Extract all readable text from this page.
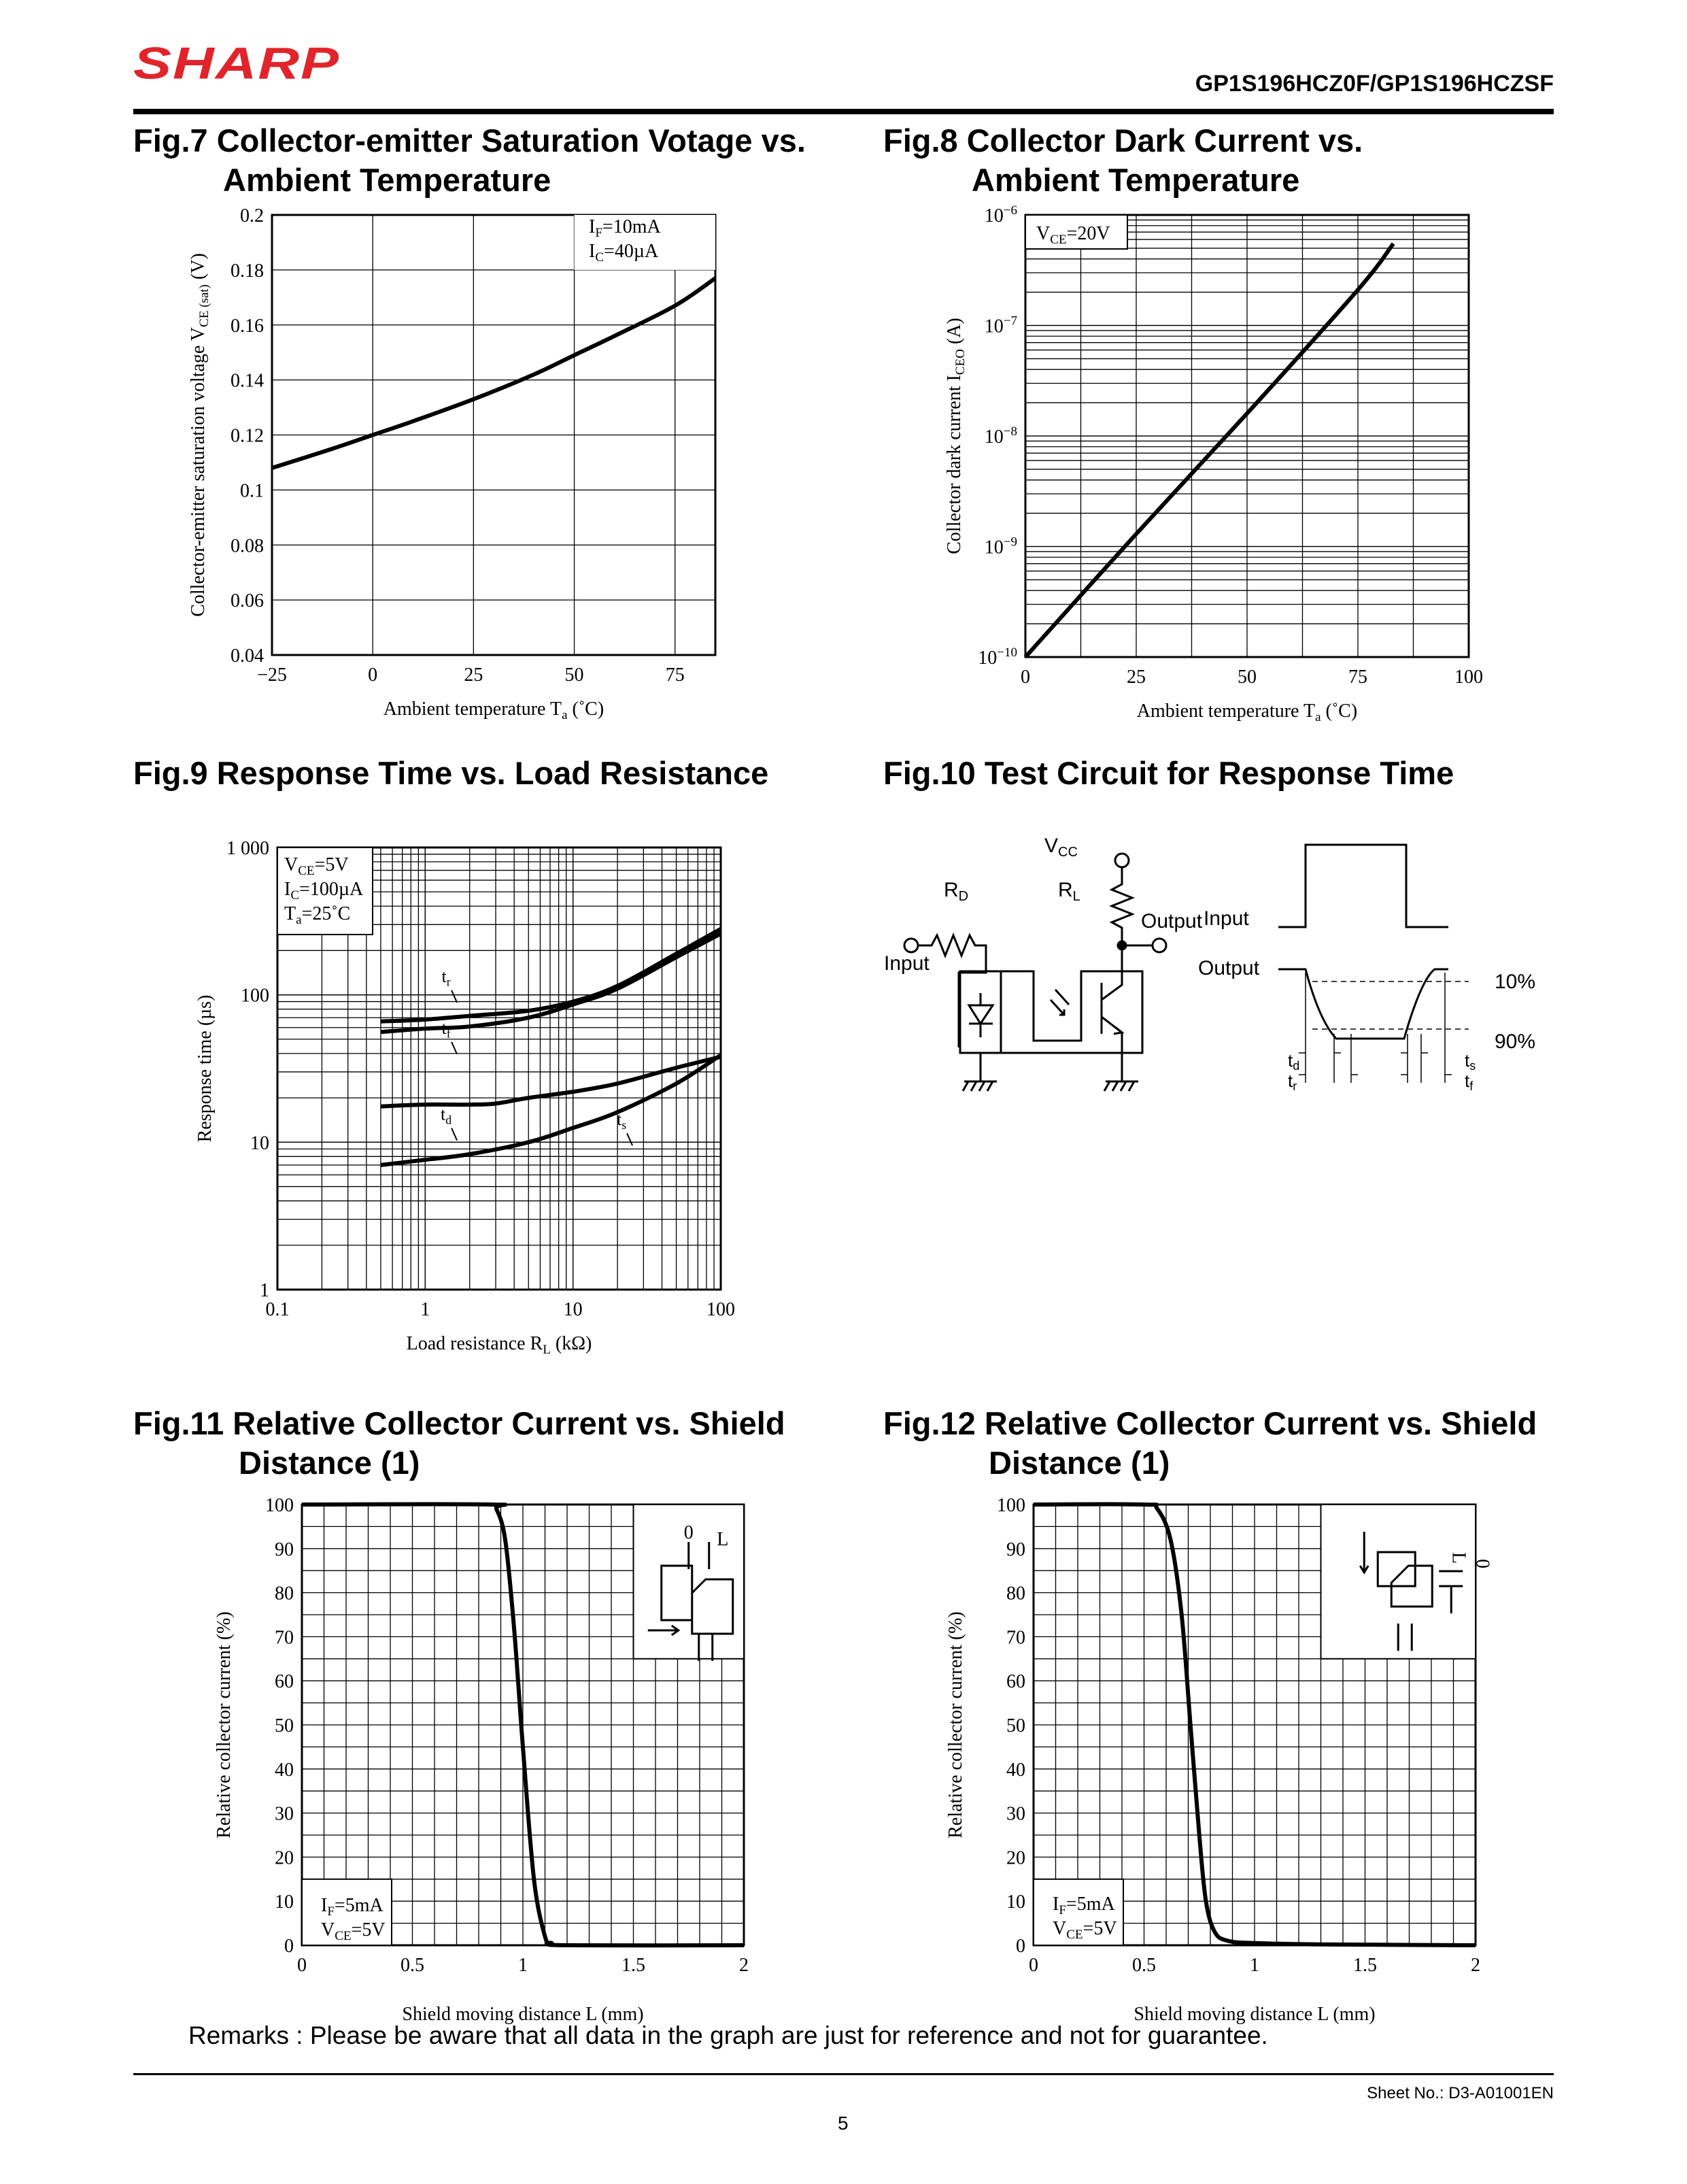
SHARP	GP1S196HCZ0F/GP1S196HCZSF
Fig.7 Collector-emitter Saturation Votage vs.
Ambient Temperature
Fig.8 Collector Dark Current vs.
Ambient Temperature
Fig.9 Response Time vs. Load Resistance	Fig.10 Test Circuit for Response Time
Fig.11 Relative Collector Current vs. Shield
Distance (1)
Fig.12 Relative Collector Current vs. Shield
Distance (1)
−25	0	25	50	75
0.04
0.06
0.08
0.1
0.12
0.14
0.16
0.18
0.2
Ambient temperature $T_a$ (˚C)
Collector-emitter saturation voltage $V_{CE (sat)}$ (V)
$I_F=10mA$
$I_C=40\mu A$
0	25	50	75	100
$10^{-10}$
$10^{-9}$
$10^{-8}$
$10^{-7}$
$10^{-6}$
Ambient temperature $T_a$ (˚C)
Collector dark current $I_{CEO}$ (A)
$V_{CE}=20V$
0.1	1	10	100
1
10
100
1 000
Load resistance $R_L$ (kΩ)
Response time (µs)
$V_{CE}=5V$
$I_C=100\mu A$
$T_a=25˚C$
$t_r$
$t_f$
$t_d$	$t_s$
0	0.5	1	1.5	2
0
10
20
30
40
50
60
70
80
90
100
Shield moving distance L (mm)
Relative collector current (%)
$I_F=5mA$
$V_{CE}=5V$
0 L
0	0.5	1	1.5	2
0
10
20
30
40
50
60
70
80
90
100
Shield moving distance L (mm)
Relative collector current (%)
$I_F=5mA$
$V_{CE}=5V$
L 0
$V_{CC}$
$R_D$	$R_L$
Input
Output Input
Output
10%
90%
td
tr
ts
tf
Remarks : Please be aware that all data in the graph are just for reference and not for guarantee.
Sheet No.: D3-A01001EN
5
